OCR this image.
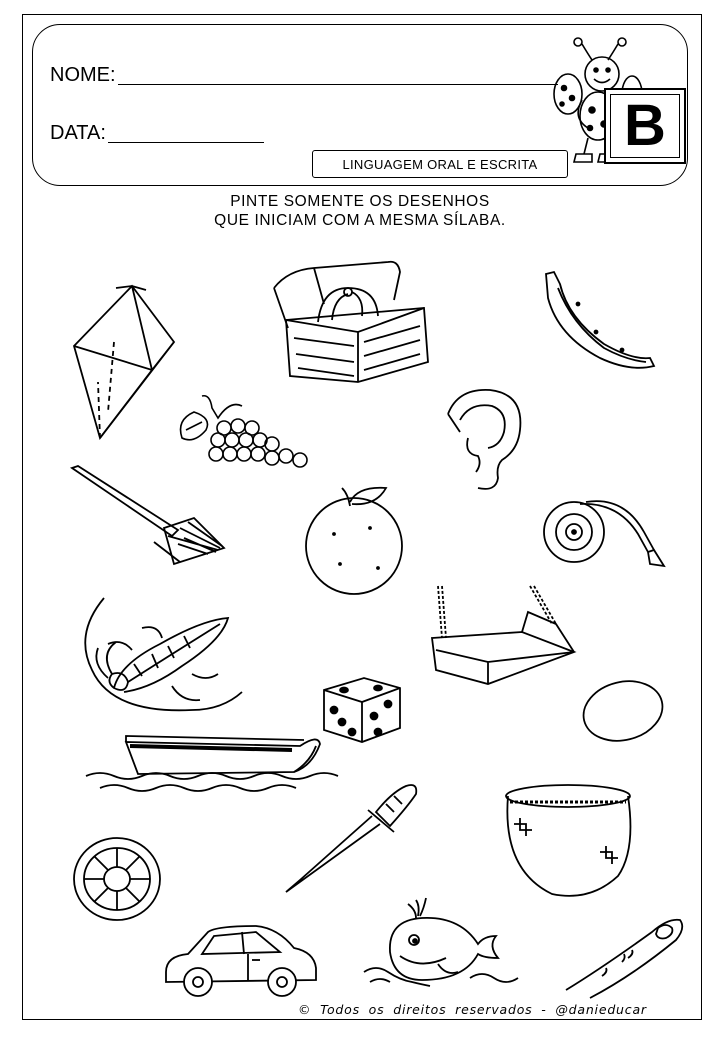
NOME:
DATA:
LINGUAGEM ORAL E ESCRITA
B
PINTE SOMENTE OS DESENHOS
QUE INICIAM COM A MESMA SÍLABA.
© Todos os direitos reservados - @danieducar
